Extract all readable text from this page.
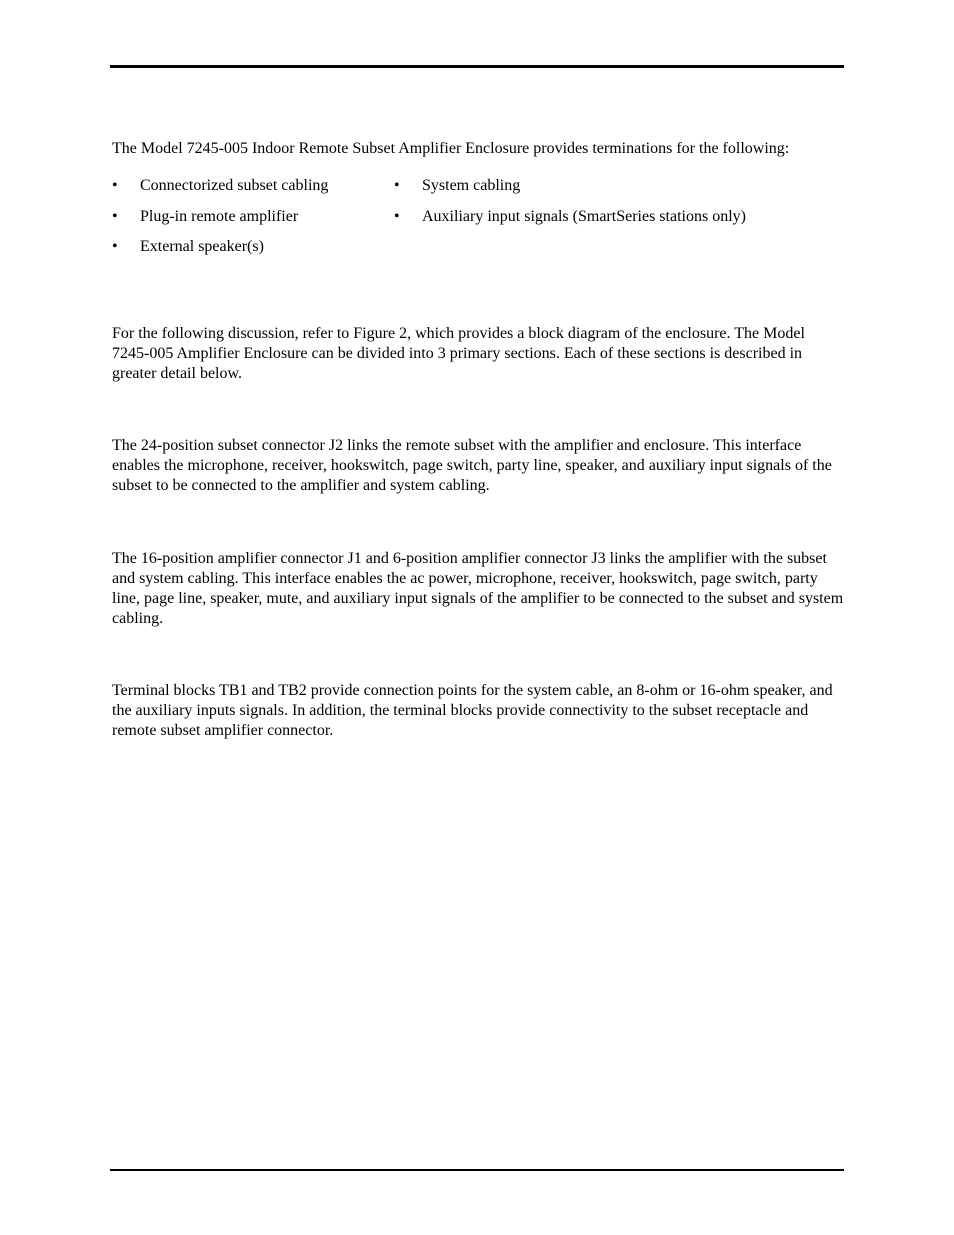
The Model 7245-005 Indoor Remote Subset Amplifier Enclosure provides terminations for the following:

•	Connectorized subset cabling
•	Plug-in remote amplifier
•	External speaker(s)
•	System cabling
•	Auxiliary input signals (SmartSeries stations only)

For the following discussion, refer to Figure 2, which provides a block diagram of the enclosure. The Model 7245-005 Amplifier Enclosure can be divided into 3 primary sections. Each of these sections is described in greater detail below.

The 24-position subset connector J2 links the remote subset with the amplifier and enclosure. This interface enables the microphone, receiver, hookswitch, page switch, party line, speaker, and auxiliary input signals of the subset to be connected to the amplifier and system cabling.

The 16-position amplifier connector J1 and 6-position amplifier connector J3 links the amplifier with the subset and system cabling. This interface enables the ac power, microphone, receiver, hookswitch, page switch, party line, page line, speaker, mute, and auxiliary input signals of the amplifier to be connected to the subset and system cabling.

Terminal blocks TB1 and TB2 provide connection points for the system cable, an 8-ohm or 16-ohm speaker, and the auxiliary inputs signals. In addition, the terminal blocks provide connectivity to the subset receptacle and remote subset amplifier connector.
